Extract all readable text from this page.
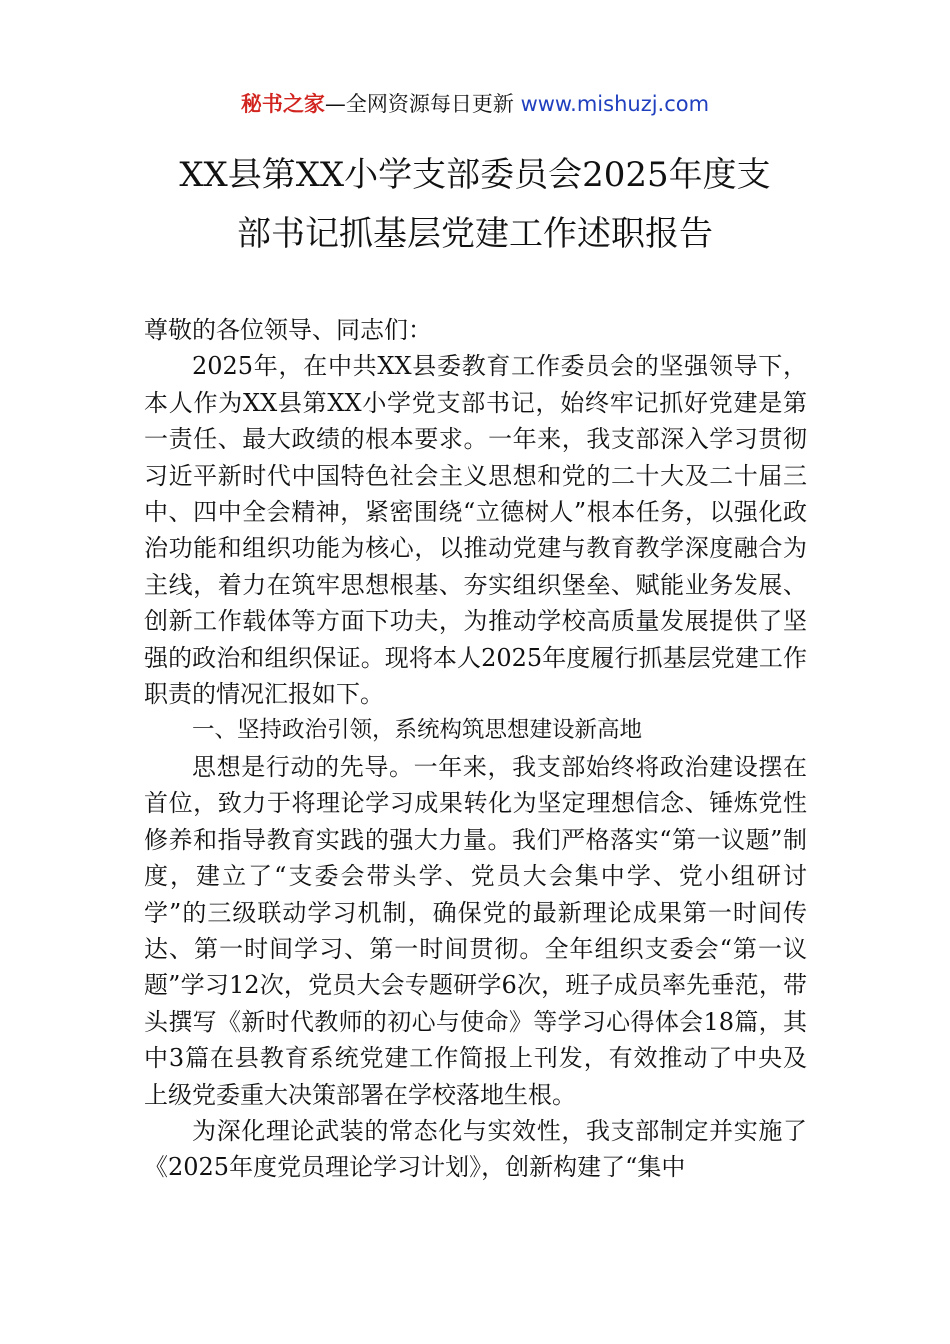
秘书之家—全网资源每日更新 www.mishuzj.com
XX县第XX小学支部委员会2025年度支
部书记抓基层党建工作述职报告

尊敬的各位领导、同志们：

2025年，在中共XX县委教育工作委员会的坚强领导下，本人作为XX县第XX小学党支部书记，始终牢记抓好党建是第一责任、最大政绩的根本要求。一年来，我支部深入学习贯彻习近平新时代中国特色社会主义思想和党的二十大及二十届三中、四中全会精神，紧密围绕“立德树人”根本任务，以强化政治功能和组织功能为核心，以推动党建与教育教学深度融合为主线，着力在筑牢思想根基、夯实组织堡垒、赋能业务发展、创新工作载体等方面下功夫，为推动学校高质量发展提供了坚强的政治和组织保证。现将本人2025年度履行抓基层党建工作职责的情况汇报如下。

一、坚持政治引领，系统构筑思想建设新高地

思想是行动的先导。一年来，我支部始终将政治建设摆在首位，致力于将理论学习成果转化为坚定理想信念、锤炼党性修养和指导教育实践的强大力量。我们严格落实“第一议题”制度，建立了“支委会带头学、党员大会集中学、党小组研讨学”的三级联动学习机制，确保党的最新理论成果第一时间传达、第一时间学习、第一时间贯彻。全年组织支委会“第一议题”学习12次，党员大会专题研学6次，班子成员率先垂范，带头撰写《新时代教师的初心与使命》等学习心得体会18篇，其中3篇在县教育系统党建工作简报上刊发，有效推动了中央及上级党委重大决策部署在学校落地生根。

为深化理论武装的常态化与实效性，我支部制定并实施了《2025年度党员理论学习计划》，创新构建了“集中
